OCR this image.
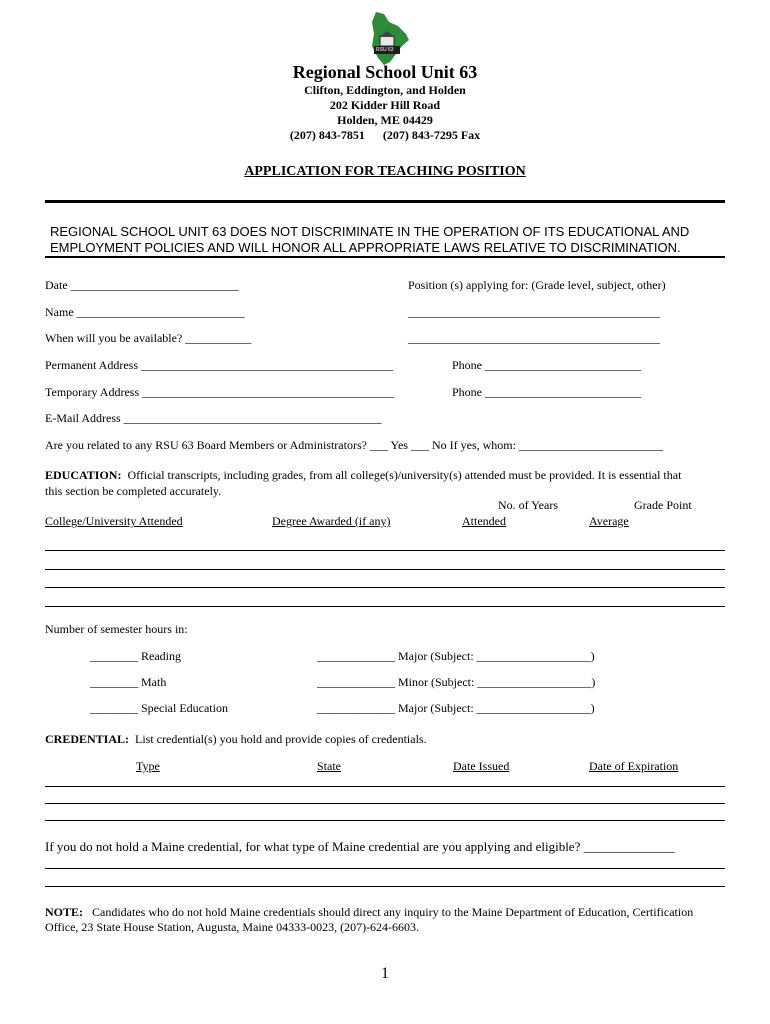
RSU 63
Regional School Unit 63
Clifton, Eddington, and Holden
202 Kidder Hill Road
Holden, ME 04429
(207) 843-7851 (207) 843-7295 Fax
APPLICATION FOR TEACHING POSITION
REGIONAL SCHOOL UNIT 63 DOES NOT DISCRIMINATE IN THE OPERATION OF ITS EDUCATIONAL AND
EMPLOYMENT POLICIES AND WILL HONOR ALL APPROPRIATE LAWS RELATIVE TO DISCRIMINATION.
Date ____________________________	Position (s) applying for: (Grade level, subject, other)
Name ____________________________	__________________________________________
When will you be available? ___________	__________________________________________
Permanent Address __________________________________________	Phone __________________________
Temporary Address __________________________________________	Phone __________________________
E-Mail Address ___________________________________________
Are you related to any RSU 63 Board Members or Administrators? ___ Yes ___ No If yes, whom: ________________________
EDUCATION: Official transcripts, including grades, from all college(s)/university(s) attended must be provided. It is essential that
this section be completed accurately.
No. of Years	Grade Point
College/University Attended	Degree Awarded (if any)	Attended	Average
Number of semester hours in:
________ Reading	_____________ Major (Subject: ___________________)
________ Math	_____________ Minor (Subject: ___________________)
________ Special Education	_____________ Major (Subject: ___________________)
CREDENTIAL: List credential(s) you hold and provide copies of credentials.
Type	State	Date Issued	Date of Expiration
If you do not hold a Maine credential, for what type of Maine credential are you applying and eligible? ______________
NOTE: Candidates who do not hold Maine credentials should direct any inquiry to the Maine Department of Education, Certification
Office, 23 State House Station, Augusta, Maine 04333-0023, (207)-624-6603.
1
